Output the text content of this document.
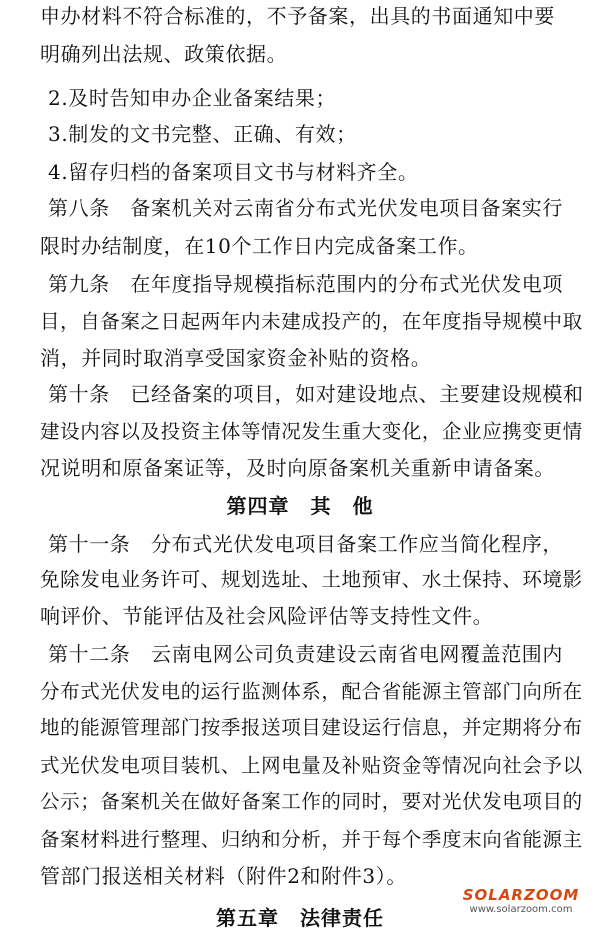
申办材料不符合标准的，不予备案，出具的书面通知中要
明确列出法规、政策依据。
2.及时告知申办企业备案结果；
3.制发的文书完整、正确、有效；
4.留存归档的备案项目文书与材料齐全。
第八条　备案机关对云南省分布式光伏发电项目备案实行
限时办结制度，在10个工作日内完成备案工作。
第九条　在年度指导规模指标范围内的分布式光伏发电项
目，自备案之日起两年内未建成投产的，在年度指导规模中取
消，并同时取消享受国家资金补贴的资格。
第十条　已经备案的项目，如对建设地点、主要建设规模和
建设内容以及投资主体等情况发生重大变化，企业应携变更情
况说明和原备案证等，及时向原备案机关重新申请备案。
第四章　其　他
第十一条　分布式光伏发电项目备案工作应当简化程序，
免除发电业务许可、规划选址、土地预审、水土保持、环境影
响评价、节能评估及社会风险评估等支持性文件。
第十二条　云南电网公司负责建设云南省电网覆盖范围内
分布式光伏发电的运行监测体系，配合省能源主管部门向所在
地的能源管理部门按季报送项目建设运行信息，并定期将分布
式光伏发电项目装机、上网电量及补贴资金等情况向社会予以
公示；备案机关在做好备案工作的同时，要对光伏发电项目的
备案材料进行整理、归纳和分析，并于每个季度末向省能源主
管部门报送相关材料（附件2和附件3）。
第五章　法律责任
SOLARZOOM
www.solarzoom.com
